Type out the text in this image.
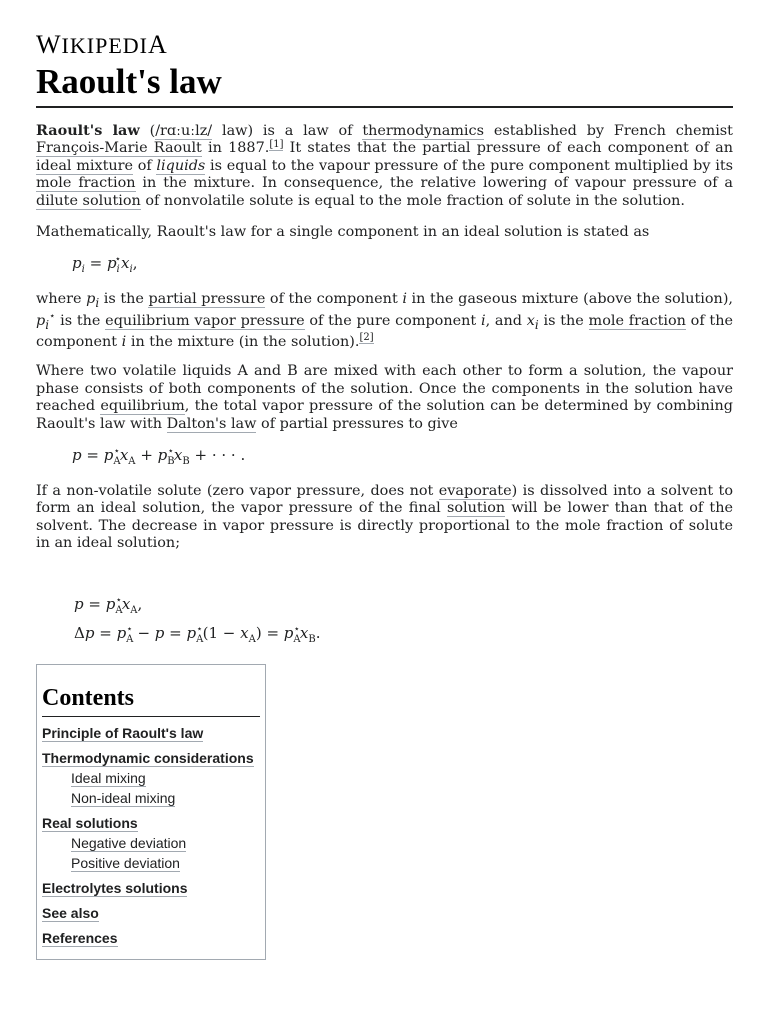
WIKIPEDIA
Raoult's law

Raoult's law (/rɑːuːlz/ law) is a law of thermodynamics established by French chemist François-Marie Raoult in 1887.[1] It states that the partial pressure of each component of an ideal mixture of liquids is equal to the vapour pressure of the pure component multiplied by its mole fraction in the mixture. In consequence, the relative lowering of vapour pressure of a dilute solution of nonvolatile solute is equal to the mole fraction of solute in the solution.

Mathematically, Raoult's law for a single component in an ideal solution is stated as

$p_i = p_i^⋆x_i$,

where $p_i$ is the partial pressure of the component i in the gaseous mixture (above the solution), $p_i^⋆$ is the equilibrium vapor pressure of the pure component i, and $x_i$ is the mole fraction of the component i in the mixture (in the solution).[2]

Where two volatile liquids A and B are mixed with each other to form a solution, the vapour phase consists of both components of the solution. Once the components in the solution have reached equilibrium, the total vapor pressure of the solution can be determined by combining Raoult's law with Dalton's law of partial pressures to give

$p = p_A^⋆x_A + p_B^⋆x_B$ + · · · .

If a non-volatile solute (zero vapor pressure, does not evaporate) is dissolved into a solvent to form an ideal solution, the vapor pressure of the final solution will be lower than that of the solvent. The decrease in vapor pressure is directly proportional to the mole fraction of solute in an ideal solution;

$p = p_A^⋆x_A$,
$\Delta p = p_A^⋆ - p = p_A^⋆(1 - x_A) = p_A^⋆x_B$.
Contents
Principle of Raoult's law
Thermodynamic considerations
Ideal mixing
Non-ideal mixing
Real solutions
Negative deviation
Positive deviation
Electrolytes solutions
See also
References
